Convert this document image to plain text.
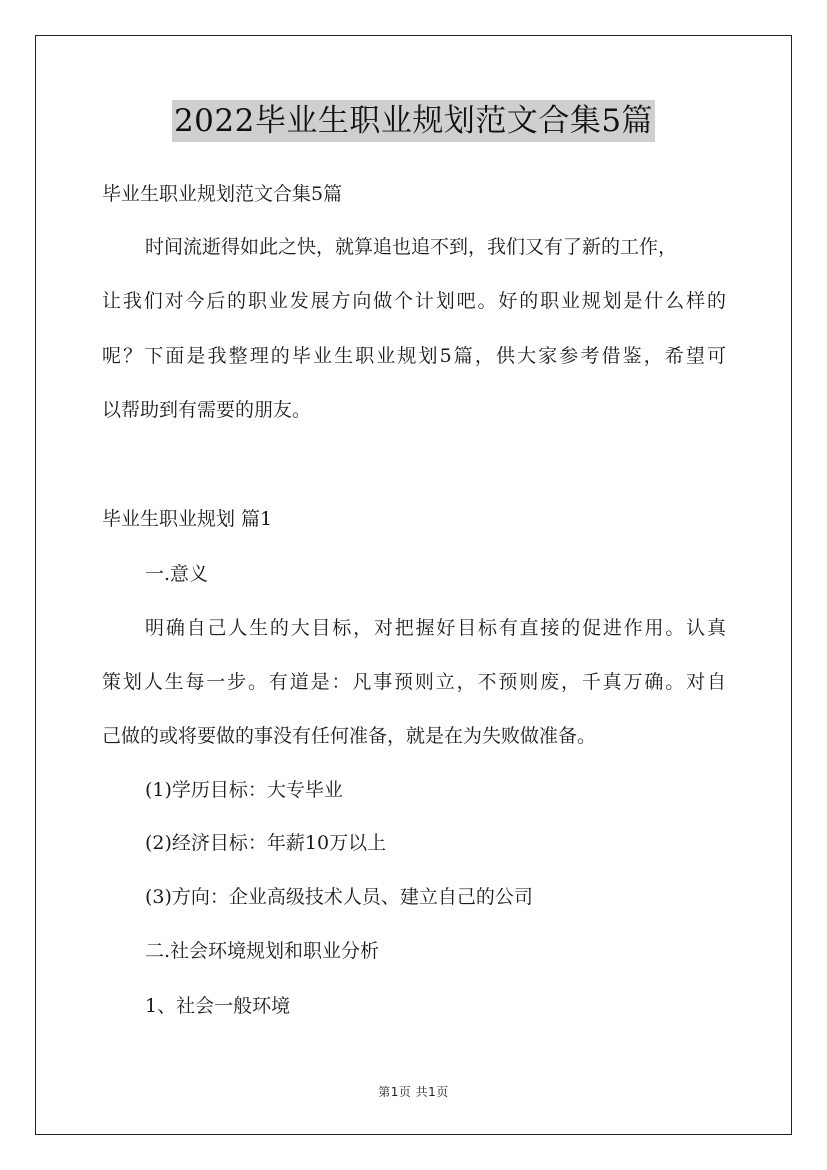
2022毕业生职业规划范文合集5篇
毕业生职业规划范文合集5篇
时间流逝得如此之快，就算追也追不到，我们又有了新的工作，
让我们对今后的职业发展方向做个计划吧。好的职业规划是什么样的
呢？下面是我整理的毕业生职业规划5篇，供大家参考借鉴，希望可
以帮助到有需要的朋友。
毕业生职业规划 篇1
一.意义
明确自己人生的大目标，对把握好目标有直接的促进作用。认真
策划人生每一步。有道是：凡事预则立，不预则废，千真万确。对自
己做的或将要做的事没有任何准备，就是在为失败做准备。
(1)学历目标：大专毕业
(2)经济目标：年薪10万以上
(3)方向：企业高级技术人员、建立自己的公司
二.社会环境规划和职业分析
1、社会一般环境
第1页 共1页
